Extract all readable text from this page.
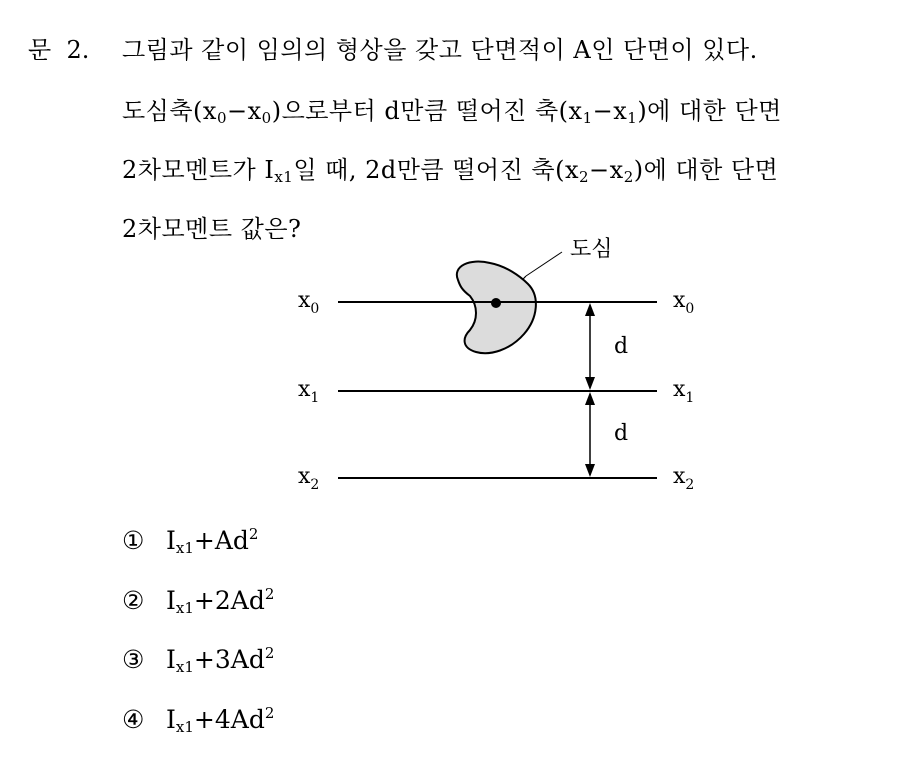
문  2. 그림과 같이 임의의 형상을 갖고 단면적이 A인 단면이 있다.
도심축$(x_0-x_0)$으로부터 d만큼 떨어진 축$(x_1-x_1)$에 대한 단면
2차모멘트가 $I_{x1}$일 때, 2d만큼 떨어진 축$(x_2-x_2)$에 대한 단면
2차모멘트 값은?
도심
d
d
$x_0$
$x_1$
$x_2$
$x_0$
$x_1$
$x_2$
① $I_{x1}+Ad^2$
② $I_{x1}+2Ad^2$
③ $I_{x1}+3Ad^2$
④ $I_{x1}+4Ad^2$
